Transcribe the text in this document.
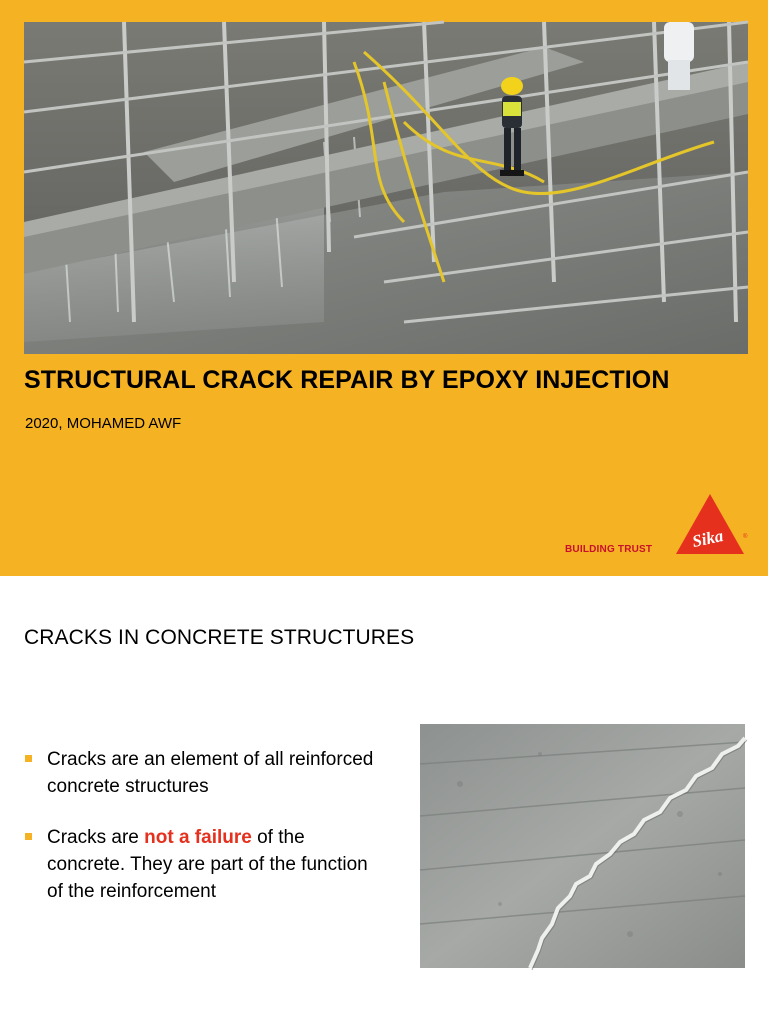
STRUCTURAL CRACK REPAIR BY EPOXY INJECTION
2020, MOHAMED AWF
BUILDING TRUST Sika	®
CRACKS IN CONCRETE STRUCTURES
Cracks are an element of all reinforced concrete structures
Cracks are not a failure of the concrete. They are part of the function of the reinforcement
